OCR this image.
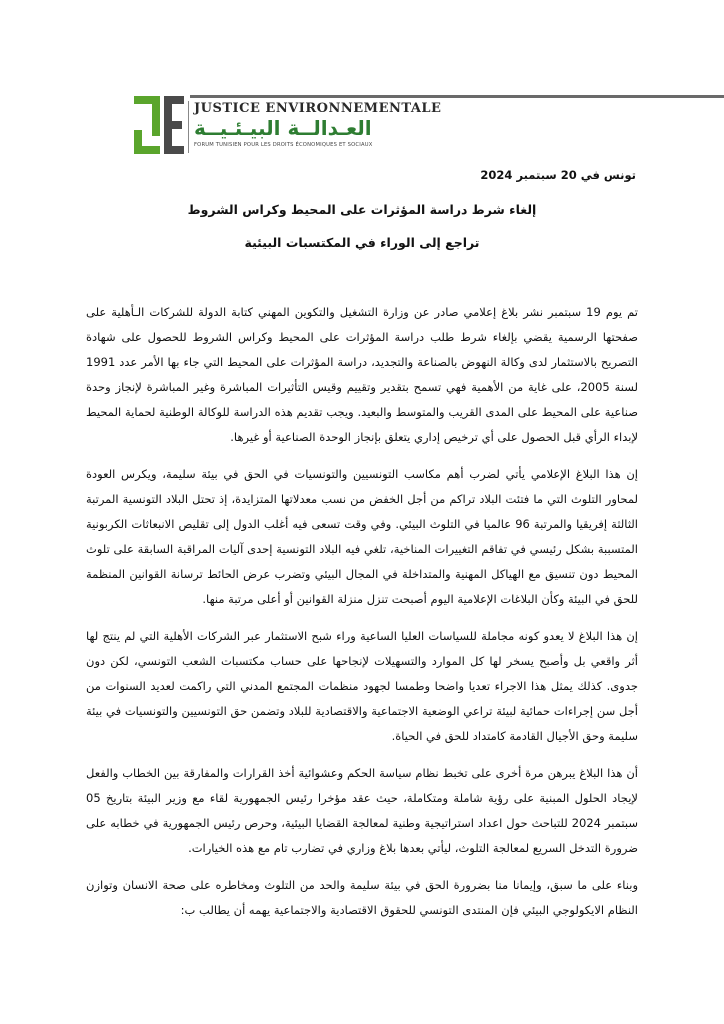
JUSTICE ENVIRONNEMENTALE
العـدالــة البيـئـيــة
FORUM TUNISIEN POUR LES DROITS ÉCONOMIQUES ET SOCIAUX
تونس في 20 سبتمبر 2024
إلغاء شرط دراسة المؤثرات على المحيط وكراس الشروط
تراجع إلى الوراء في المكتسبات البيئية

تم يوم 19 سبتمبر نشر بلاغ إعلامي صادر عن وزارة التشغيل والتكوين المهني كتابة الدولة للشركات الـأهلية على صفحتها الرسمية يقضي بإلغاء شرط طلب دراسة المؤثرات على المحيط وكراس الشروط للحصول على شهادة التصريح بالاستثمار لدى وكالة النهوض بالصناعة والتجديد، دراسة المؤثرات على المحيط التي جاء بها الأمر عدد 1991 لسنة 2005، على غاية من الأهمية فهي تسمح بتقدير وتقييم وقيس التأثيرات المباشرة وغير المباشرة لإنجاز وحدة صناعية على المحيط على المدى القريب والمتوسط والبعيد. ويجب تقديم هذه الدراسة للوكالة الوطنية لحماية المحيط لإبداء الرأي قبل الحصول على أي ترخيص إداري يتعلق بإنجاز الوحدة الصناعية أو غيرها.

إن هذا البلاغ الإعلامي يأتي لضرب أهم مكاسب التونسيين والتونسيات في الحق في بيئة سليمة، ويكرس العودة لمحاور التلوث التي ما فتئت البلاد تراكم من أجل الخفض من نسب معدلاتها المتزايدة، إذ تحتل البلاد التونسية المرتبة الثالثة إفريقيا والمرتبة 96 عالميا في التلوث البيئي. وفي وقت تسعى فيه أغلب الدول إلى تقليص الانبعاثات الكربونية المتسببة بشكل رئيسي في تفاقم التغييرات المناخية، تلغي فيه البلاد التونسية إحدى آليات المراقبة السابقة على تلوث المحيط دون تنسيق مع الهياكل المهنية والمتداخلة في المجال البيئي وتضرب عرض الحائط ترسانة القوانين المنظمة للحق في البيئة وكأن البلاغات الإعلامية اليوم أصبحت تنزل منزلة القوانين أو أعلى مرتبة منها.

إن هذا البلاغ لا يعدو كونه مجاملة للسياسات العليا الساعية وراء شبح الاستثمار عبر الشركات الأهلية التي لم ينتج لها أثر واقعي بل وأصبح يسخر لها كل الموارد والتسهيلات لإنجاحها على حساب مكتسبات الشعب التونسي، لكن دون جدوى. كذلك يمثل هذا الاجراء تعديا واضحا وطمسا لجهود منظمات المجتمع المدني التي راكمت لعديد السنوات من أجل سن إجراءات حمائية لبيئة تراعي الوضعية الاجتماعية والاقتصادية للبلاد وتضمن حق التونسيين والتونسيات في بيئة سليمة وحق الأجيال القادمة كامتداد للحق في الحياة.

أن هذا البلاغ يبرهن مرة أخرى على تخبط نظام سياسة الحكم وعشوائية أخذ القرارات والمفارقة بين الخطاب والفعل لإيجاد الحلول المبنية على رؤية شاملة ومتكاملة، حيث عقد مؤخرا رئيس الجمهورية لقاء مع وزير البيئة بتاريخ 05 سبتمبر 2024 للتباحث حول اعداد استراتيجية وطنية لمعالجة القضايا البيئية، وحرص رئيس الجمهورية في خطابه على ضرورة التدخل السريع لمعالجة التلوث، ليأتي بعدها بلاغ وزاري في تضارب تام مع هذه الخيارات.

وبناء على ما سبق، وإيمانا منا بضرورة الحق في بيئة سليمة والحد من التلوث ومخاطره على صحة الانسان وتوازن النظام الايكولوجي البيئي فإن المنتدى التونسي للحقوق الاقتصادية والاجتماعية يهمه أن يطالب ب:
